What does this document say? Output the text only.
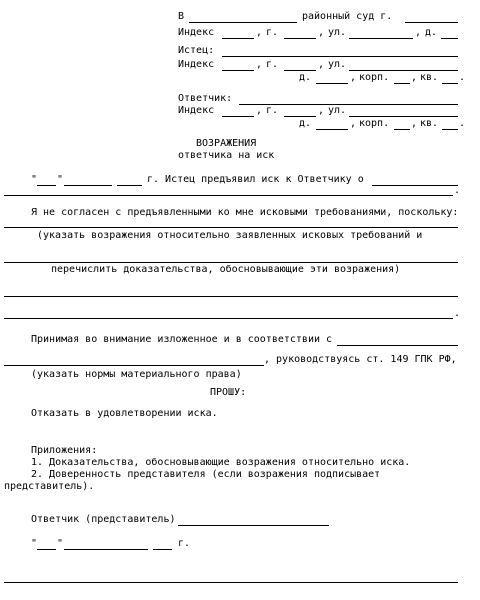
В	районный суд г.
Индекс	, г.	, ул.	, д.
Истец:
Индекс	, г.	, ул.
д.	, корп. , кв. .
Ответчик:
Индекс	, г.	, ул.
д.	, корп. , кв. .
ВОЗРАЖЕНИЯ
ответчика на иск
" "	г. Истец предъявил иск к Ответчику о
.
Я не согласен с предъявленными ко мне исковыми требованиями, поскольку:
(указать возражения относительно заявленных исковых требований и
перечислить доказательства, обосновывающие эти возражения)
.
Принимая во внимание изложенное и в соответствии с
, руководствуясь ст. 149 ГПК РФ,
(указать нормы материального права)
ПРОШУ:
Отказать в удовлетворении иска.
Приложения:
1. Доказательства, обосновывающие возражения относительно иска.
2. Доверенность представителя (если возражения подписывает
представитель).
Ответчик (представитель)
" "	г.
